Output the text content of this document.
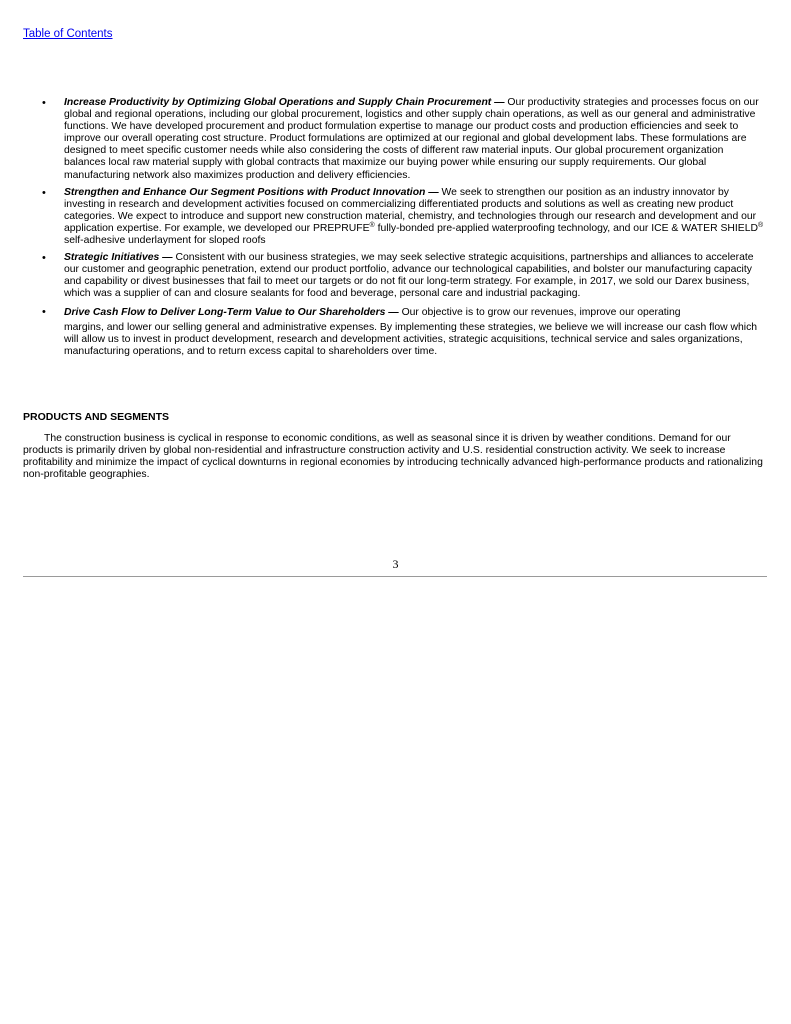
Table of Contents
• Increase Productivity by Optimizing Global Operations and Supply Chain Procurement — Our productivity strategies and processes focus on our global and regional operations, including our global procurement, logistics and other supply chain operations, as well as our general and administrative functions. We have developed procurement and product formulation expertise to manage our product costs and production efficiencies and seek to improve our overall operating cost structure. Product formulations are optimized at our regional and global development labs. These formulations are designed to meet specific customer needs while also considering the costs of different raw material inputs. Our global procurement organization balances local raw material supply with global contracts that maximize our buying power while ensuring our supply requirements. Our global manufacturing network also maximizes production and delivery efficiencies.
• Strengthen and Enhance Our Segment Positions with Product Innovation — We seek to strengthen our position as an industry innovator by investing in research and development activities focused on commercializing differentiated products and solutions as well as creating new product categories. We expect to introduce and support new construction material, chemistry, and technologies through our research and development and our application expertise. For example, we developed our PREPRUFE® fully-bonded pre-applied waterproofing technology, and our ICE & WATER SHIELD® self-adhesive underlayment for sloped roofs
• Strategic Initiatives — Consistent with our business strategies, we may seek selective strategic acquisitions, partnerships and alliances to accelerate our customer and geographic penetration, extend our product portfolio, advance our technological capabilities, and bolster our manufacturing capacity and capability or divest businesses that fail to meet our targets or do not fit our long-term strategy. For example, in 2017, we sold our Darex business, which was a supplier of can and closure sealants for food and beverage, personal care and industrial packaging.
• Drive Cash Flow to Deliver Long-Term Value to Our Shareholders — Our objective is to grow our revenues, improve our operating
margins, and lower our selling general and administrative expenses. By implementing these strategies, we believe we will increase our cash flow which will allow us to invest in product development, research and development activities, strategic acquisitions, technical service and sales organizations, manufacturing operations, and to return excess capital to shareholders over time.
PRODUCTS AND SEGMENTS

The construction business is cyclical in response to economic conditions, as well as seasonal since it is driven by weather conditions. Demand for our products is primarily driven by global non-residential and infrastructure construction activity and U.S. residential construction activity. We seek to increase profitability and minimize the impact of cyclical downturns in regional economies by introducing technically advanced high-performance products and rationalizing non-profitable geographies.

3
